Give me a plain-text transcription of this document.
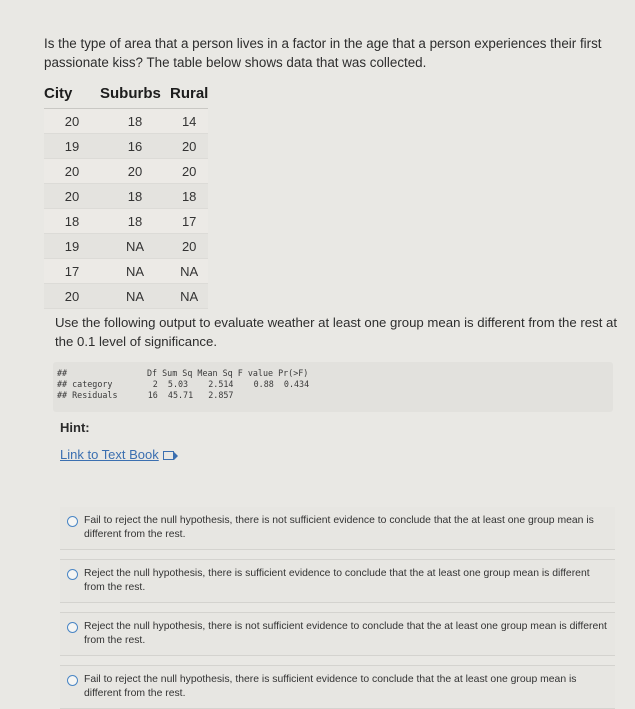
Is the type of area that a person lives in a factor in the age that a person experiences their first passionate kiss? The table below shows data that was collected.
City	Suburbs	Rural
20	18	14
19	16	20
20	20	20
20	18	18
18	18	17
19	NA	20
17	NA	NA
20	NA	NA
Use the following output to evaluate weather at least one group mean is different from the rest at the 0.1 level of significance.
##	Df Sum Sq Mean Sq F value Pr(>F)
## category        2  5.03    2.514    0.88  0.434
## Residuals      16  45.71   2.857
Hint:
Link to Text Book
Fail to reject the null hypothesis, there is not sufficient evidence to conclude that the at least one group mean is different from the rest.
Reject the null hypothesis, there is sufficient evidence to conclude that the at least one group mean is different from the rest.
Reject the null hypothesis, there is not sufficient evidence to conclude that the at least one group mean is different from the rest.
Fail to reject the null hypothesis, there is sufficient evidence to conclude that the at least one group mean is different from the rest.
